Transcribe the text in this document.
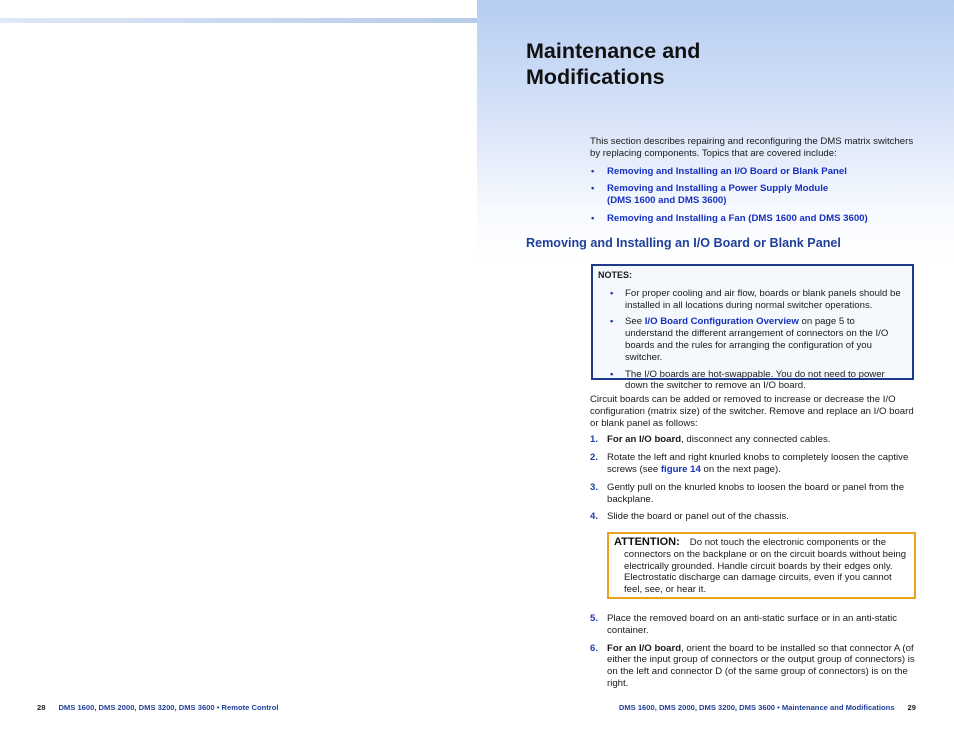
Maintenance and
Modifications

This section describes repairing and reconfiguring the DMS matrix switchers by replacing components. Topics that are covered include:

• Removing and Installing an I/O Board or Blank Panel
• Removing and Installing a Power Supply Module (DMS 1600 and DMS 3600)
• Removing and Installing a Fan (DMS 1600 and DMS 3600)
Removing and Installing an I/O Board or Blank Panel
NOTES:
• For proper cooling and air flow, boards or blank panels should be installed in all locations during normal switcher operations.
• See I/O Board Configuration Overview on page 5 to understand the different arrangement of connectors on the I/O boards and the rules for arranging the configuration of you switcher.
• The I/O boards are hot-swappable. You do not need to power down the switcher to remove an I/O board.

Circuit boards can be added or removed to increase or decrease the I/O configuration (matrix size) of the switcher. Remove and replace an I/O board or blank panel as follows:

1. For an I/O board, disconnect any connected cables.
2. Rotate the left and right knurled knobs to completely loosen the captive screws (see figure 14 on the next page).
3. Gently pull on the knurled knobs to loosen the board or panel from the backplane.
4. Slide the board or panel out of the chassis.
ATTENTION: Do not touch the electronic components or the connectors on the backplane or on the circuit boards without being electrically grounded. Handle circuit boards by their edges only. Electrostatic discharge can damage circuits, even if you cannot feel, see, or hear it.
5. Place the removed board on an anti-static surface or in an anti-static container.
6. For an I/O board, orient the board to be installed so that connector A (of either the input group of connectors or the output group of connectors) is on the left and connector D (of the same group of connectors) is on the right.
28 DMS 1600, DMS 2000, DMS 3200, DMS 3600 • Remote Control	DMS 1600, DMS 2000, DMS 3200, DMS 3600 • Maintenance and Modifications 29
